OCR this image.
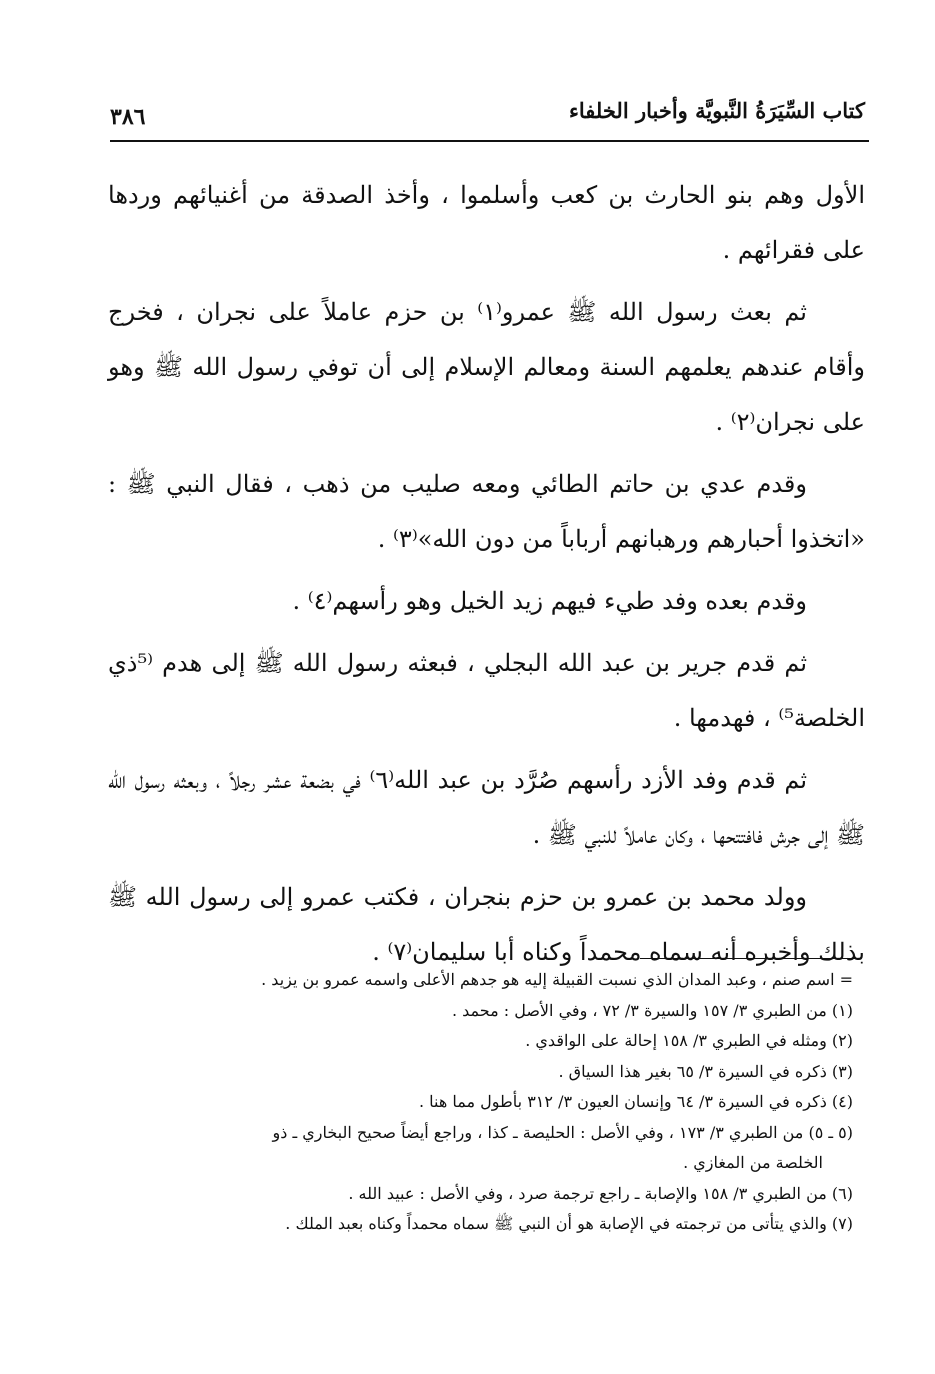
كتاب السِّيَرَةُ النَّبويَّة وأخبار الخلفاء
٣٨٦

الأول وهم بنو الحارث بن كعب وأسلموا ، وأخذ الصدقة من أغنيائهم وردها على فقرائهم .

ثم بعث رسول الله ﷺ عمرو⁽١⁾ بن حزم عاملاً على نجران ، فخرج وأقام عندهم يعلمهم السنة ومعالم الإسلام إلى أن توفي رسول الله ﷺ وهو على نجران⁽٢⁾ .

وقدم عدي بن حاتم الطائي ومعه صليب من ذهب ، فقال النبي ﷺ : «اتخذوا أحبارهم ورهبانهم أرباباً من دون الله»⁽٣⁾ .

وقدم بعده وفد طيء فيهم زيد الخيل وهو رأسهم⁽٤⁾ .

ثم قدم جرير بن عبد الله البجلي ، فبعثه رسول الله ﷺ إلى هدم ⁽⁵ذي الخلصة⁵⁾ ، فهدمها .

ثم قدم وفد الأزد رأسهم صُرَّد بن عبد الله⁽٦⁾ في بضعة عشر رجلاً ، وبعثه رسول الله ﷺ إلى جرش فافتتحها ، وكان عاملاً للنبي ﷺ .

وولد محمد بن عمرو بن حزم بنجران ، فكتب عمرو إلى رسول الله ﷺ بذلك وأخبره أنه سماه محمداً وكناه أبا سليمان⁽٧⁾ .

= اسم صنم ، وعبد المدان الذي نسبت القبيلة إليه هو جدهم الأعلى واسمه عمرو بن يزيد .

(١) من الطبري ٣/ ١٥٧ والسيرة ٣/ ٧٢ ، وفي الأصل : محمد .

(٢) ومثله في الطبري ٣/ ١٥٨ إحالة على الواقدي .

(٣) ذكره في السيرة ٣/ ٦٥ بغير هذا السياق .

(٤) ذكره في السيرة ٣/ ٦٤ وإنسان العيون ٣/ ٣١٢ بأطول مما هنا .

(٥ ـ ٥) من الطبري ٣/ ١٧٣ ، وفي الأصل : الحليصة ـ كذا ، وراجع أيضاً صحيح البخاري ـ ذو

الخلصة من المغازي .

(٦) من الطبري ٣/ ١٥٨ والإصابة ـ راجع ترجمة صرد ، وفي الأصل : عبيد الله .

(٧) والذي يتأتى من ترجمته في الإصابة هو أن النبي ﷺ سماه محمداً وكناه بعبد الملك .
